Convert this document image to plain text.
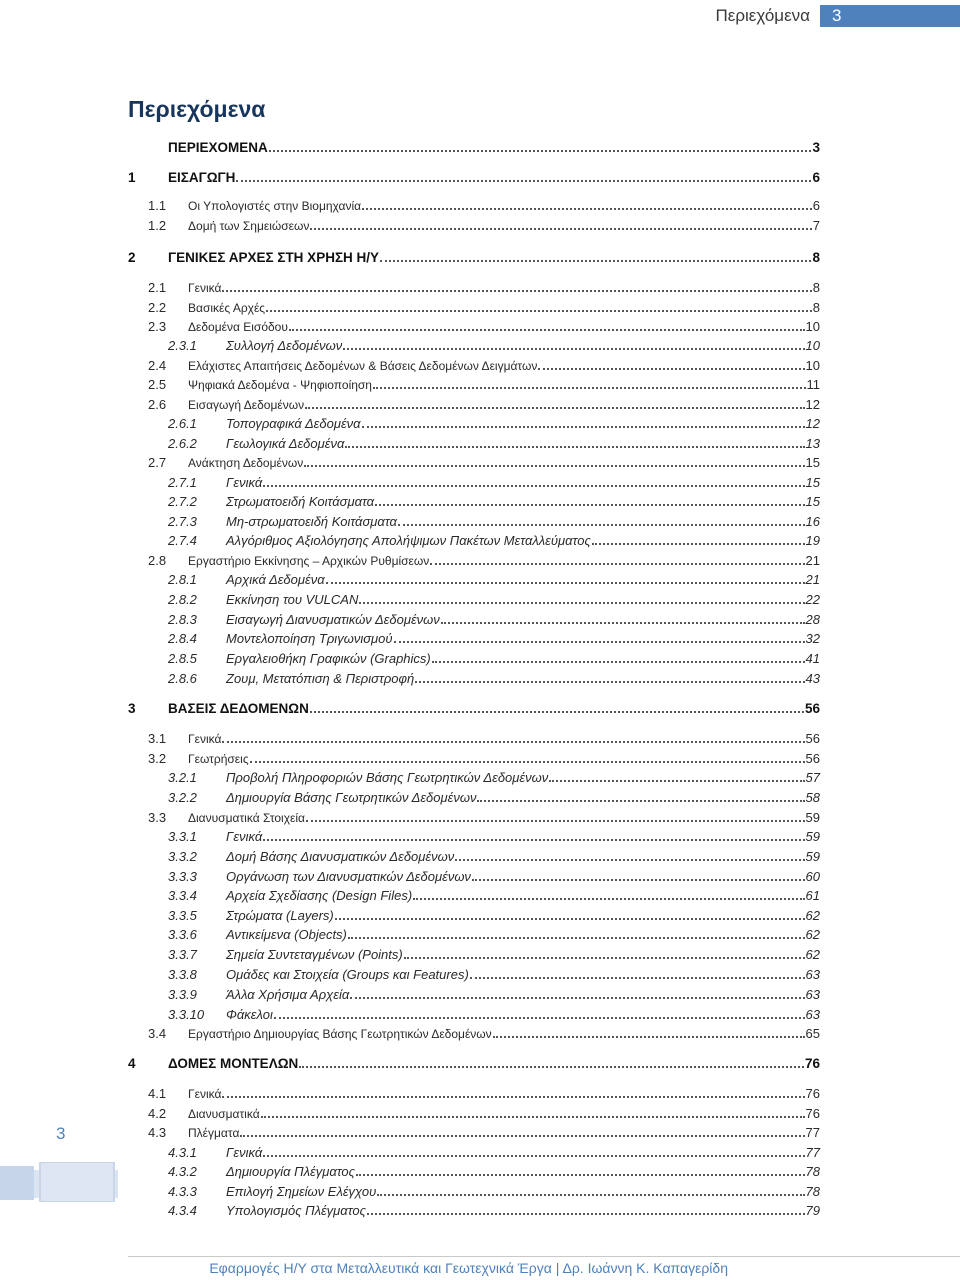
Περιεχόμενα	3
Περιεχόμενα
ΠΕΡΙΕΧΟΜΕΝΑ	3
1	ΕΙΣΑΓΩΓΗ	6
1.1	Οι Υπολογιστές στην Βιομηχανία	6
1.2	Δομή των Σημειώσεων	7
2	ΓΕΝΙΚΕΣ ΑΡΧΕΣ ΣΤΗ ΧΡΗΣΗ Η/Υ	8
2.1	Γενικά	8
2.2	Βασικές Αρχές	8
2.3	Δεδομένα Εισόδου	10
2.3.1	Συλλογή Δεδομένων	10
2.4	Ελάχιστες Απαιτήσεις Δεδομένων & Βάσεις Δεδομένων Δειγμάτων	10
2.5	Ψηφιακά Δεδομένα - Ψηφιοποίηση	11
2.6	Εισαγωγή Δεδομένων	12
2.6.1	Τοπογραφικά Δεδομένα	12
2.6.2	Γεωλογικά Δεδομένα	13
2.7	Ανάκτηση Δεδομένων	15
2.7.1	Γενικά	15
2.7.2	Στρωματοειδή Κοιτάσματα	15
2.7.3	Μη-στρωματοειδή Κοιτάσματα	16
2.7.4	Αλγόριθμος Αξιολόγησης Απολήψιμων Πακέτων Μεταλλεύματος	19
2.8	Εργαστήριο Εκκίνησης – Αρχικών Ρυθμίσεων	21
2.8.1	Αρχικά Δεδομένα	21
2.8.2	Εκκίνηση του VULCAN	22
2.8.3	Εισαγωγή Διανυσματικών Δεδομένων	28
2.8.4	Μοντελοποίηση Τριγωνισμού	32
2.8.5	Εργαλειοθήκη Γραφικών (Graphics)	41
2.8.6	Ζουμ, Μετατόπιση & Περιστροφή	43
3	ΒΑΣΕΙΣ ΔΕΔΟΜΕΝΩΝ	56
3.1	Γενικά	56
3.2	Γεωτρήσεις	56
3.2.1	Προβολή Πληροφοριών Βάσης Γεωτρητικών Δεδομένων	57
3.2.2	Δημιουργία Βάσης Γεωτρητικών Δεδομένων	58
3.3	Διανυσματικά Στοιχεία	59
3.3.1	Γενικά	59
3.3.2	Δομή Βάσης Διανυσματικών Δεδομένων	59
3.3.3	Οργάνωση των Διανυσματικών Δεδομένων	60
3.3.4	Αρχεία Σχεδίασης (Design Files)	61
3.3.5	Στρώματα (Layers)	62
3.3.6	Αντικείμενα (Objects)	62
3.3.7	Σημεία Συντεταγμένων (Points)	62
3.3.8	Ομάδες και Στοιχεία (Groups και Features)	63
3.3.9	Άλλα Χρήσιμα Αρχεία	63
3.3.10	Φάκελοι	63
3.4	Εργαστήριο Δημιουργίας Βάσης Γεωτρητικών Δεδομένων	65
4	ΔΟΜΕΣ ΜΟΝΤΕΛΩΝ	76
4.1	Γενικά	76
4.2	Διανυσματικά	76
4.3	Πλέγματα	77
4.3.1	Γενικά	77
4.3.2	Δημιουργία Πλέγματος	78
4.3.3	Επιλογή Σημείων Ελέγχου	78
4.3.4	Υπολογισμός Πλέγματος	79
3
Εφαρμογές Η/Υ στα Μεταλλευτικά και Γεωτεχνικά Έργα | Δρ. Ιωάννη Κ. Καπαγερίδη
